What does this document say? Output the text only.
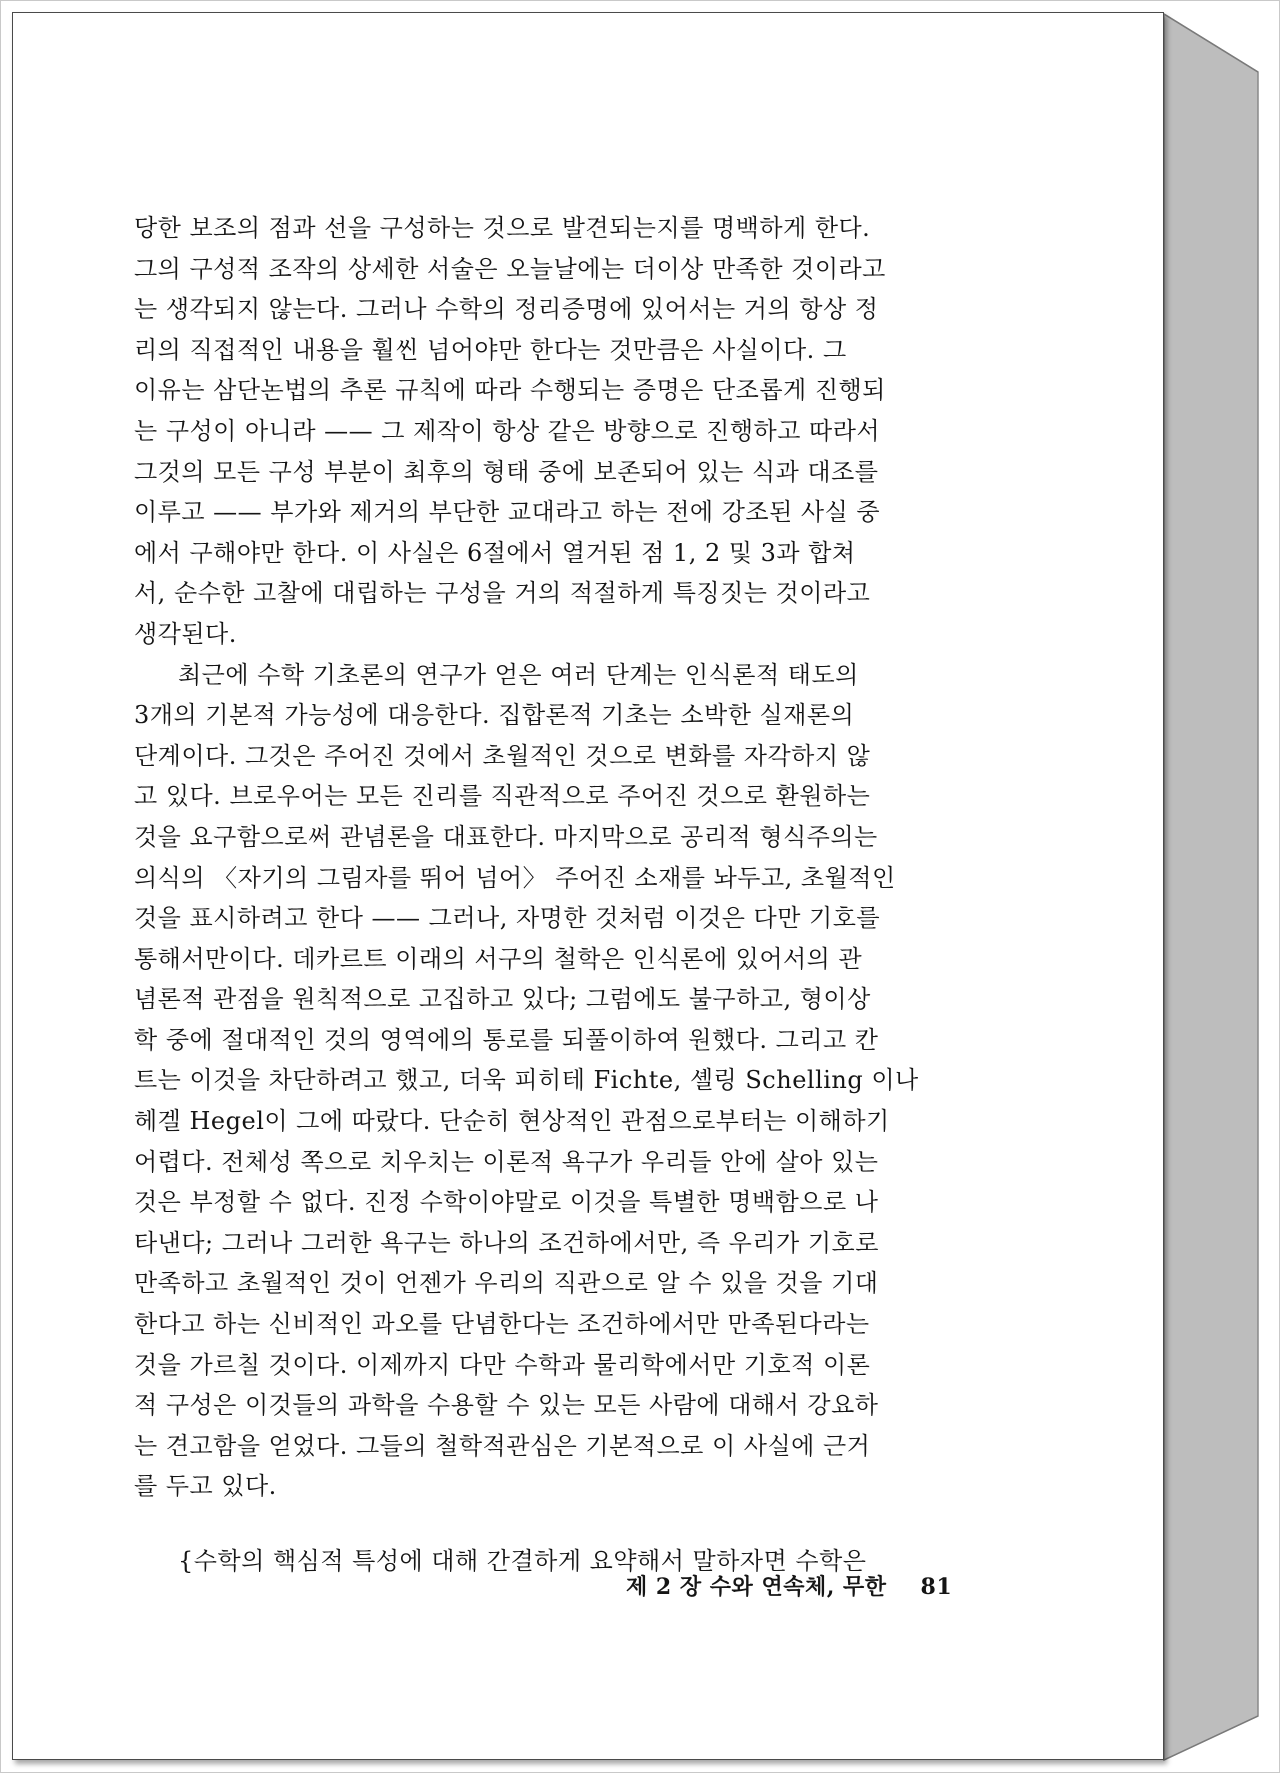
당한 보조의 점과 선을 구성하는 것으로 발견되는지를 명백하게 한다.
그의 구성적 조작의 상세한 서술은 오늘날에는 더이상 만족한 것이라고
는 생각되지 않는다. 그러나 수학의 정리증명에 있어서는 거의 항상 정
리의 직접적인 내용을 훨씬 넘어야만 한다는 것만큼은 사실이다. 그
이유는 삼단논법의 추론 규칙에 따라 수행되는 증명은 단조롭게 진행되
는 구성이 아니라 —— 그 제작이 항상 같은 방향으로 진행하고 따라서
그것의 모든 구성 부분이 최후의 형태 중에 보존되어 있는 식과 대조를
이루고 —— 부가와 제거의 부단한 교대라고 하는 전에 강조된 사실 중
에서 구해야만 한다. 이 사실은 6절에서 열거된 점 1, 2 및 3과 합쳐
서, 순수한 고찰에 대립하는 구성을 거의 적절하게 특징짓는 것이라고
생각된다.
최근에 수학 기초론의 연구가 얻은 여러 단계는 인식론적 태도의
3개의 기본적 가능성에 대응한다. 집합론적 기초는 소박한 실재론의
단계이다. 그것은 주어진 것에서 초월적인 것으로 변화를 자각하지 않
고 있다. 브로우어는 모든 진리를 직관적으로 주어진 것으로 환원하는
것을 요구함으로써 관념론을 대표한다. 마지막으로 공리적 형식주의는
의식의 〈자기의 그림자를 뛰어 넘어〉 주어진 소재를 놔두고, 초월적인
것을 표시하려고 한다 —— 그러나, 자명한 것처럼 이것은 다만 기호를
통해서만이다. 데카르트 이래의 서구의 철학은 인식론에 있어서의 관
념론적 관점을 원칙적으로 고집하고 있다; 그럼에도 불구하고, 형이상
학 중에 절대적인 것의 영역에의 통로를 되풀이하여 원했다. 그리고 칸
트는 이것을 차단하려고 했고, 더욱 피히테 Fichte, 셸링 Schelling 이나
헤겔 Hegel이 그에 따랐다. 단순히 현상적인 관점으로부터는 이해하기
어렵다. 전체성 쪽으로 치우치는 이론적 욕구가 우리들 안에 살아 있는
것은 부정할 수 없다. 진정 수학이야말로 이것을 특별한 명백함으로 나
타낸다; 그러나 그러한 욕구는 하나의 조건하에서만, 즉 우리가 기호로
만족하고 초월적인 것이 언젠가 우리의 직관으로 알 수 있을 것을 기대
한다고 하는 신비적인 과오를 단념한다는 조건하에서만 만족된다라는
것을 가르칠 것이다. 이제까지 다만 수학과 물리학에서만 기호적 이론
적 구성은 이것들의 과학을 수용할 수 있는 모든 사람에 대해서 강요하
는 견고함을 얻었다. 그들의 철학적관심은 기본적으로 이 사실에 근거
를 두고 있다.
{수학의 핵심적 특성에 대해 간결하게 요약해서 말하자면 수학은
제 2 장 수와 연속체, 무한 81
